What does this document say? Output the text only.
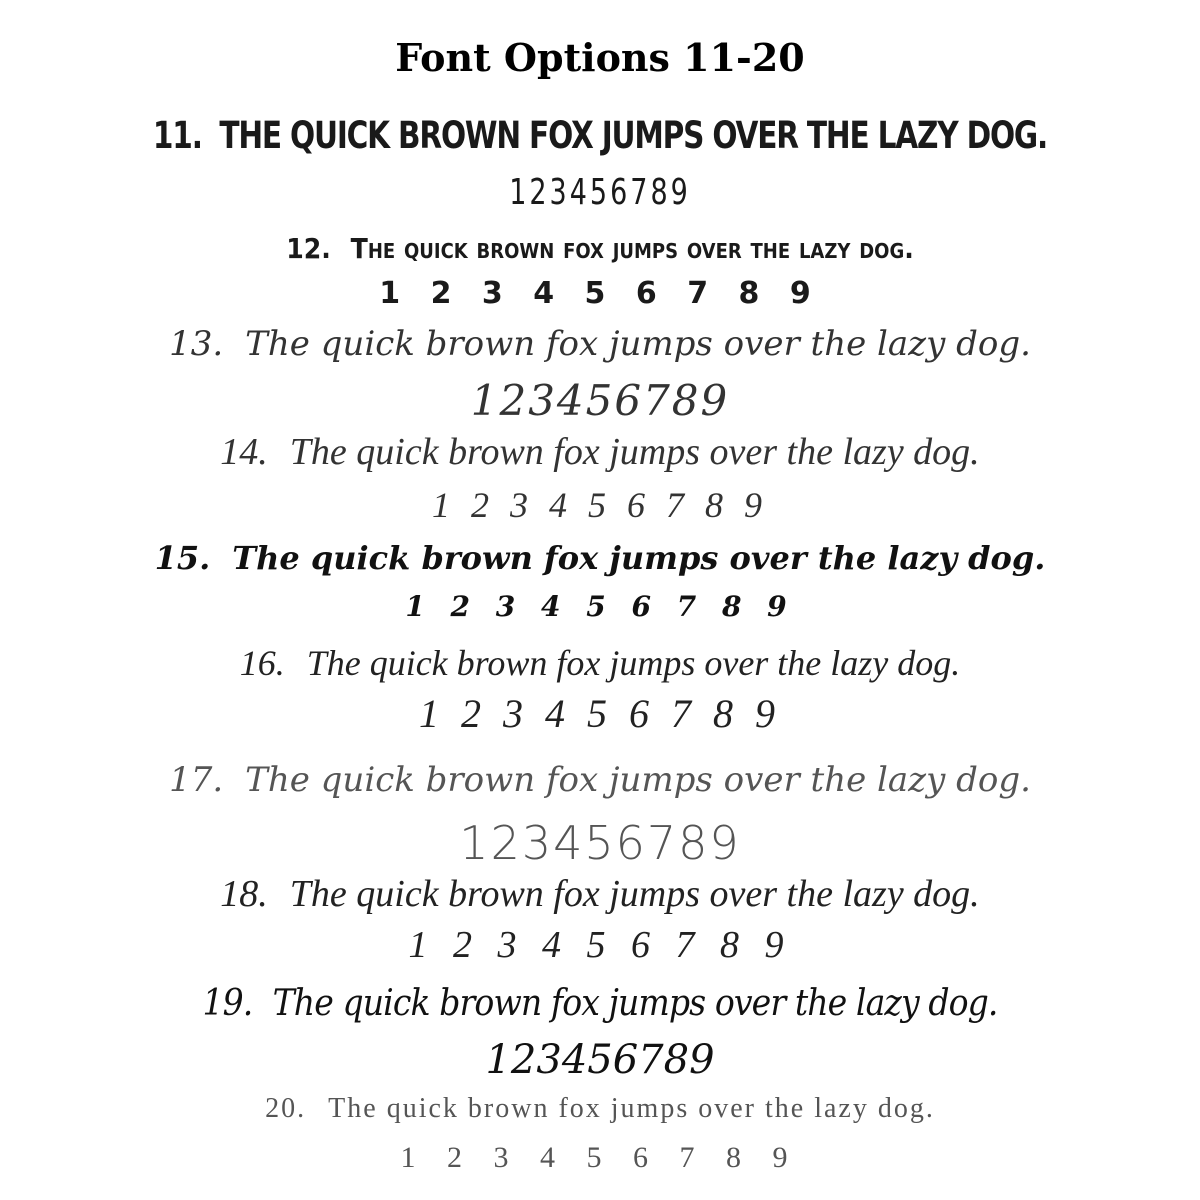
Font Options 11-20
11. THE QUICK BROWN FOX JUMPS OVER THE LAZY DOG.
123456789
12. The quick brown fox jumps over the lazy dog.
1 2 3 4 5 6 7 8 9
13. The quick brown fox jumps over the lazy dog.
123456789
14. The quick brown fox jumps over the lazy dog.
1 2 3 4 5 6 7 8 9
15. The quick brown fox jumps over the lazy dog.
1 2 3 4 5 6 7 8 9
16. The quick brown fox jumps over the lazy dog.
1 2 3 4 5 6 7 8 9
17. The quick brown fox jumps over the lazy dog.
123456789
18. The quick brown fox jumps over the lazy dog.
1 2 3 4 5 6 7 8 9
19. The quick brown fox jumps over the lazy dog.
123456789
20. The quick brown fox jumps over the lazy dog.
1 2 3 4 5 6 7 8 9
